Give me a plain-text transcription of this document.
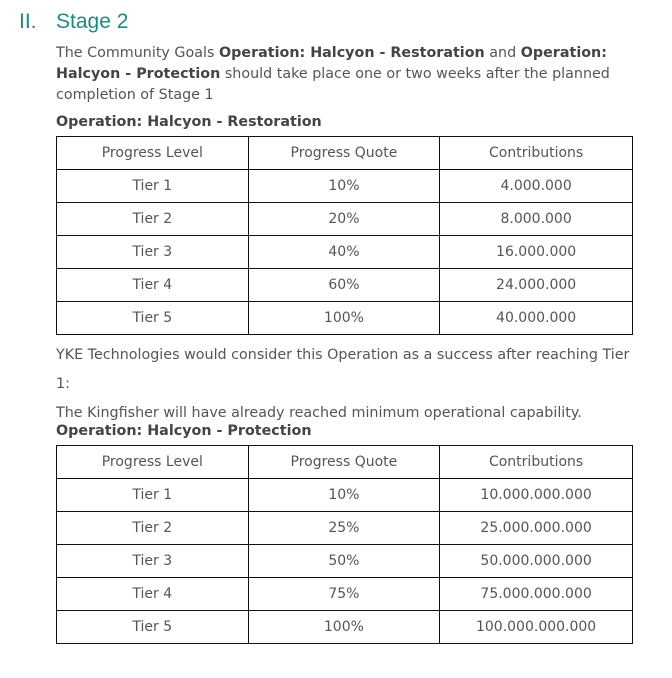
II. Stage 2
The Community Goals Operation: Halcyon - Restoration and Operation: Halcyon - Protection should take place one or two weeks after the planned completion of Stage 1
Operation: Halcyon - Restoration
Progress Level	Progress Quote	Contributions
Tier 1	10%	4.000.000
Tier 2	20%	8.000.000
Tier 3	40%	16.000.000
Tier 4	60%	24.000.000
Tier 5	100%	40.000.000
YKE Technologies would consider this Operation as a success after reaching Tier 1:
The Kingfisher will have already reached minimum operational capability.
Operation: Halcyon - Protection
Progress Level	Progress Quote	Contributions
Tier 1	10%	10.000.000.000
Tier 2	25%	25.000.000.000
Tier 3	50%	50.000.000.000
Tier 4	75%	75.000.000.000
Tier 5	100%	100.000.000.000
